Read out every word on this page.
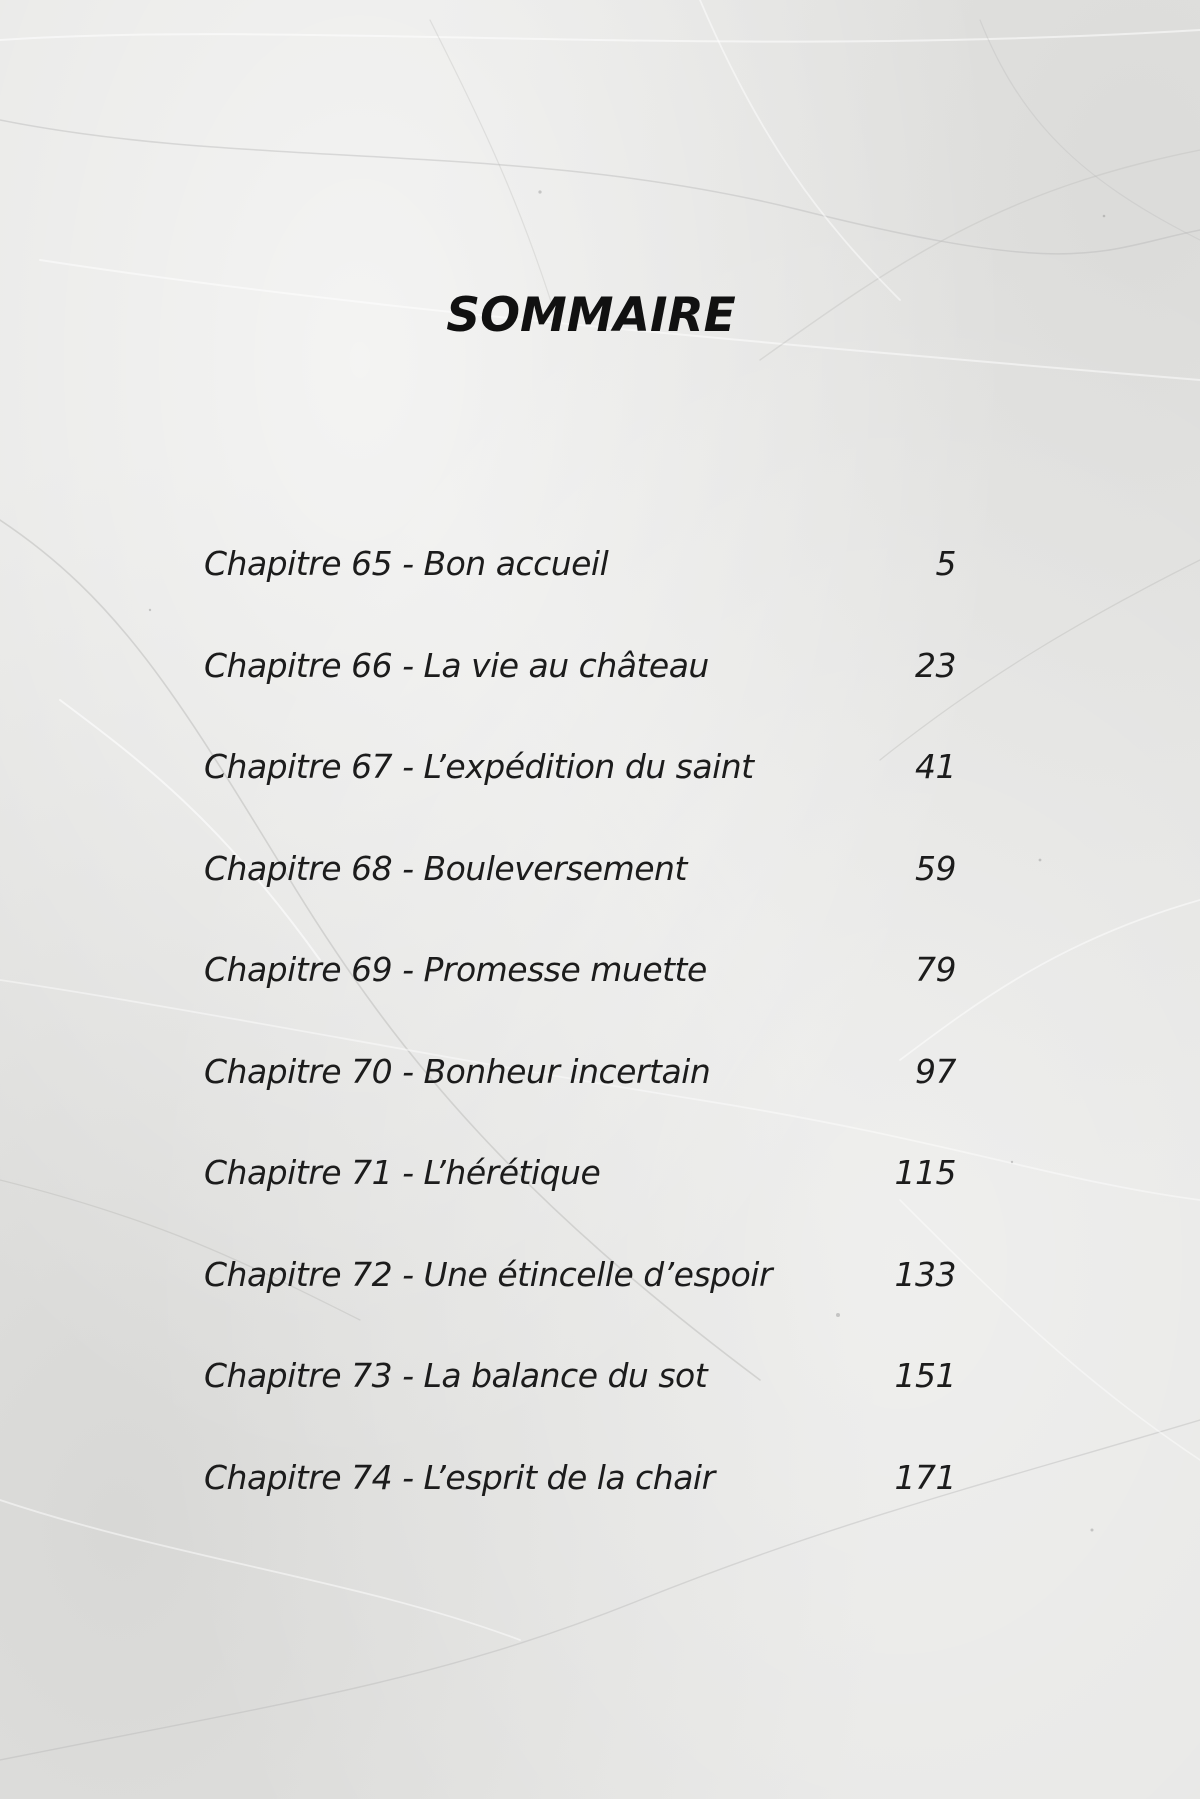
SOMMAIRE
Chapitre 65 - Bon accueil	5
Chapitre 66 - La vie au château	23
Chapitre 67 - L’expédition du saint	41
Chapitre 68 - Bouleversement	59
Chapitre 69 - Promesse muette	79
Chapitre 70 - Bonheur incertain	97
Chapitre 71 - L’hérétique	115
Chapitre 72 - Une étincelle d’espoir	133
Chapitre 73 - La balance du sot	151
Chapitre 74 - L’esprit de la chair	171
